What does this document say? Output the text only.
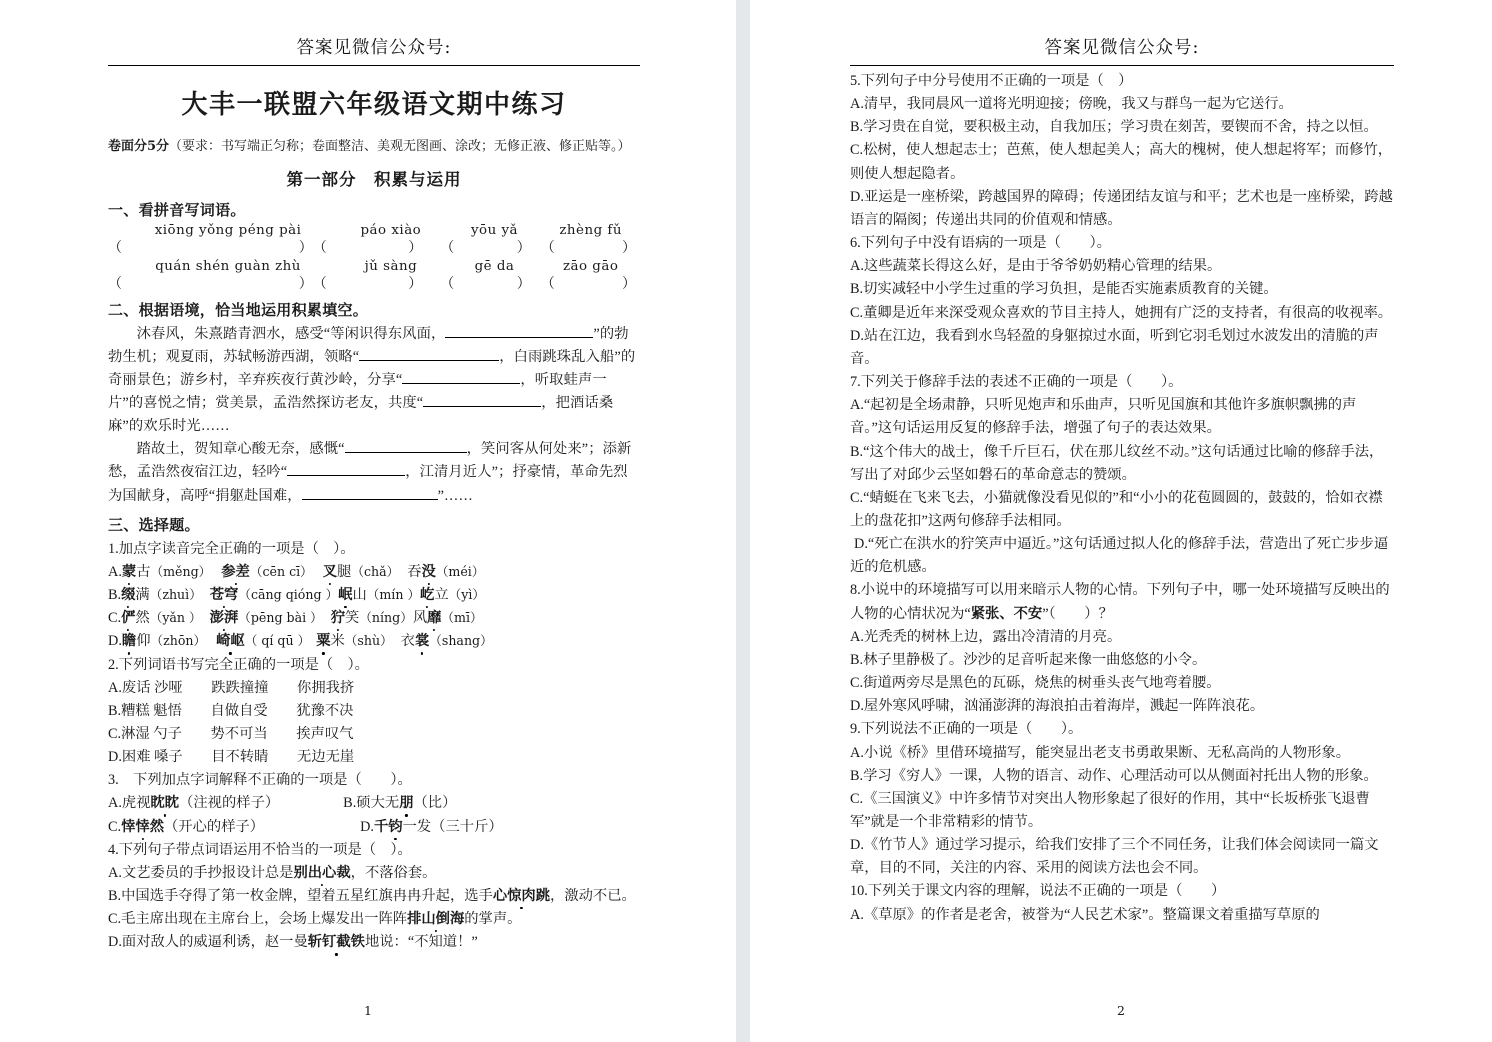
答案见微信公众号:
大丰一联盟六年级语文期中练习
卷面分5分（要求：书写端正匀称；卷面整洁、美观无图画、涂改；无修正液、修正贴等。）
第一部分　积累与运用
一、看拼音写词语。
xiōng yǒng péng pài	páo xiào	yōu yǎ	zhèng fǔ
（	） （	） （	） （	）
quán shén guàn zhù	jǔ sàng	gē da	zāo gāo
（	） （	） （	） （	）
二、根据语境，恰当地运用积累填空。

沐春风，朱熹踏青泗水，感受“等闲识得东风面，	”的勃勃生机；观夏雨，苏轼畅游西湖，领略“	，白雨跳珠乱入船”的奇丽景色；游乡村，辛弃疾夜行黄沙岭，分享“	，听取蛙声一片”的喜悦之情；赏美景，孟浩然探访老友，共度“	，把酒话桑麻”的欢乐时光……

踏故土，贺知章心酸无奈，感慨“	，笑问客从何处来”；添新愁，孟浩然夜宿江边，轻吟“	，江清月近人”；抒豪情，革命先烈为国献身，高呼“捐躯赴国难，	”……

三、选择题。

1.加点字读音完全正确的一项是（　）。

A.蒙古（měng） 参差（cēn cī） 叉腿（chǎ） 吞没（méi）

B.缀满（zhuì） 苍穹（cāng qióng ）岷山（mín ）屹立（yì）

C.俨然（yǎn ） 澎湃（pēng bài ） 狞笑（níng）风靡（mī）

D.瞻仰（zhōn） 崎岖（ qí qū ） 粟米（shù） 衣裳（shang）

2.下列词语书写完全正确的一项是（　）。

A.废话 沙哑　　跌跌撞撞　　你拥我挤

B.糟糕 魁悟　　自做自受　　犹豫不决

C.淋湿 勺子　　势不可当　　挨声叹气

D.困难 嗓子　　目不转睛　　无边无崖

3.　下列加点字词解释不正确的一项是（　　）。

A.虎视眈眈（注视的样子）	B.硕大无朋（比）

C.悻悻然（开心的样子）	D.千钧一发（三十斤）

4.下列句子带点词语运用不恰当的一项是（　）。

A.文艺委员的手抄报设计总是别出心裁，不落俗套。

B.中国选手夺得了第一枚金牌，望着五星红旗冉冉升起，选手心惊肉跳，激动不已。

C.毛主席出现在主席台上，会场上爆发出一阵阵排山倒海的掌声。

D.面对敌人的威逼利诱，赵一曼斩钉截铁地说：“不知道！”

1
答案见微信公众号:

5.下列句子中分号使用不正确的一项是（　）

A.清早，我同晨风一道将光明迎接；傍晚，我又与群鸟一起为它送行。

B.学习贵在自觉，要积极主动，自我加压；学习贵在刻苦，要锲而不舍，持之以恒。

C.松树，使人想起志士；芭蕉，使人想起美人；高大的槐树，使人想起将军；而修竹，则使人想起隐者。

D.亚运是一座桥梁，跨越国界的障碍；传递团结友谊与和平；艺术也是一座桥梁，跨越语言的隔阂；传递出共同的价值观和情感。

6.下列句子中没有语病的一项是（　　）。

A.这些蔬菜长得这么好，是由于爷爷奶奶精心管理的结果。

B.切实减轻中小学生过重的学习负担，是能否实施素质教育的关键。

C.董卿是近年来深受观众喜欢的节目主持人，她拥有广泛的支持者，有很高的收视率。

D.站在江边，我看到水鸟轻盈的身躯掠过水面，听到它羽毛划过水波发出的清脆的声音。

7.下列关于修辞手法的表述不正确的一项是（　　）。

A.“起初是全场肃静，只听见炮声和乐曲声，只听见国旗和其他许多旗帜飘拂的声音。”这句话运用反复的修辞手法，增强了句子的表达效果。

B.“这个伟大的战士，像千斤巨石，伏在那儿纹丝不动。”这句话通过比喻的修辞手法，写出了对邱少云坚如磐石的革命意志的赞颂。

C.“蜻蜓在飞来飞去，小猫就像没看见似的”和“小小的花苞圆圆的，鼓鼓的，恰如衣襟上的盘花扣”这两句修辞手法相同。

D.“死亡在洪水的狞笑声中逼近。”这句话通过拟人化的修辞手法，营造出了死亡步步逼近的危机感。

8.小说中的环境描写可以用来暗示人物的心情。下列句子中，哪一处环境描写反映出的人物的心情状况为“紧张、不安”（　　）？

A.光秃秃的树林上边，露出冷清清的月亮。

B.林子里静极了。沙沙的足音听起来像一曲悠悠的小令。

C.街道两旁尽是黑色的瓦砾，烧焦的树垂头丧气地弯着腰。

D.屋外寒风呼啸，汹涌澎湃的海浪拍击着海岸，溅起一阵阵浪花。

9.下列说法不正确的一项是（　　）。

A.小说《桥》里借环境描写，能突显出老支书勇敢果断、无私高尚的人物形象。

B.学习《穷人》一课，人物的语言、动作、心理活动可以从侧面衬托出人物的形象。

C.《三国演义》中许多情节对突出人物形象起了很好的作用，其中“长坂桥张飞退曹军”就是一个非常精彩的情节。

D.《竹节人》通过学习提示，给我们安排了三个不同任务，让我们体会阅读同一篇文章，目的不同，关注的内容、采用的阅读方法也会不同。

10.下列关于课文内容的理解，说法不正确的一项是（　　）

A.《草原》的作者是老舍，被誉为“人民艺术家”。整篇课文着重描写草原的

2
